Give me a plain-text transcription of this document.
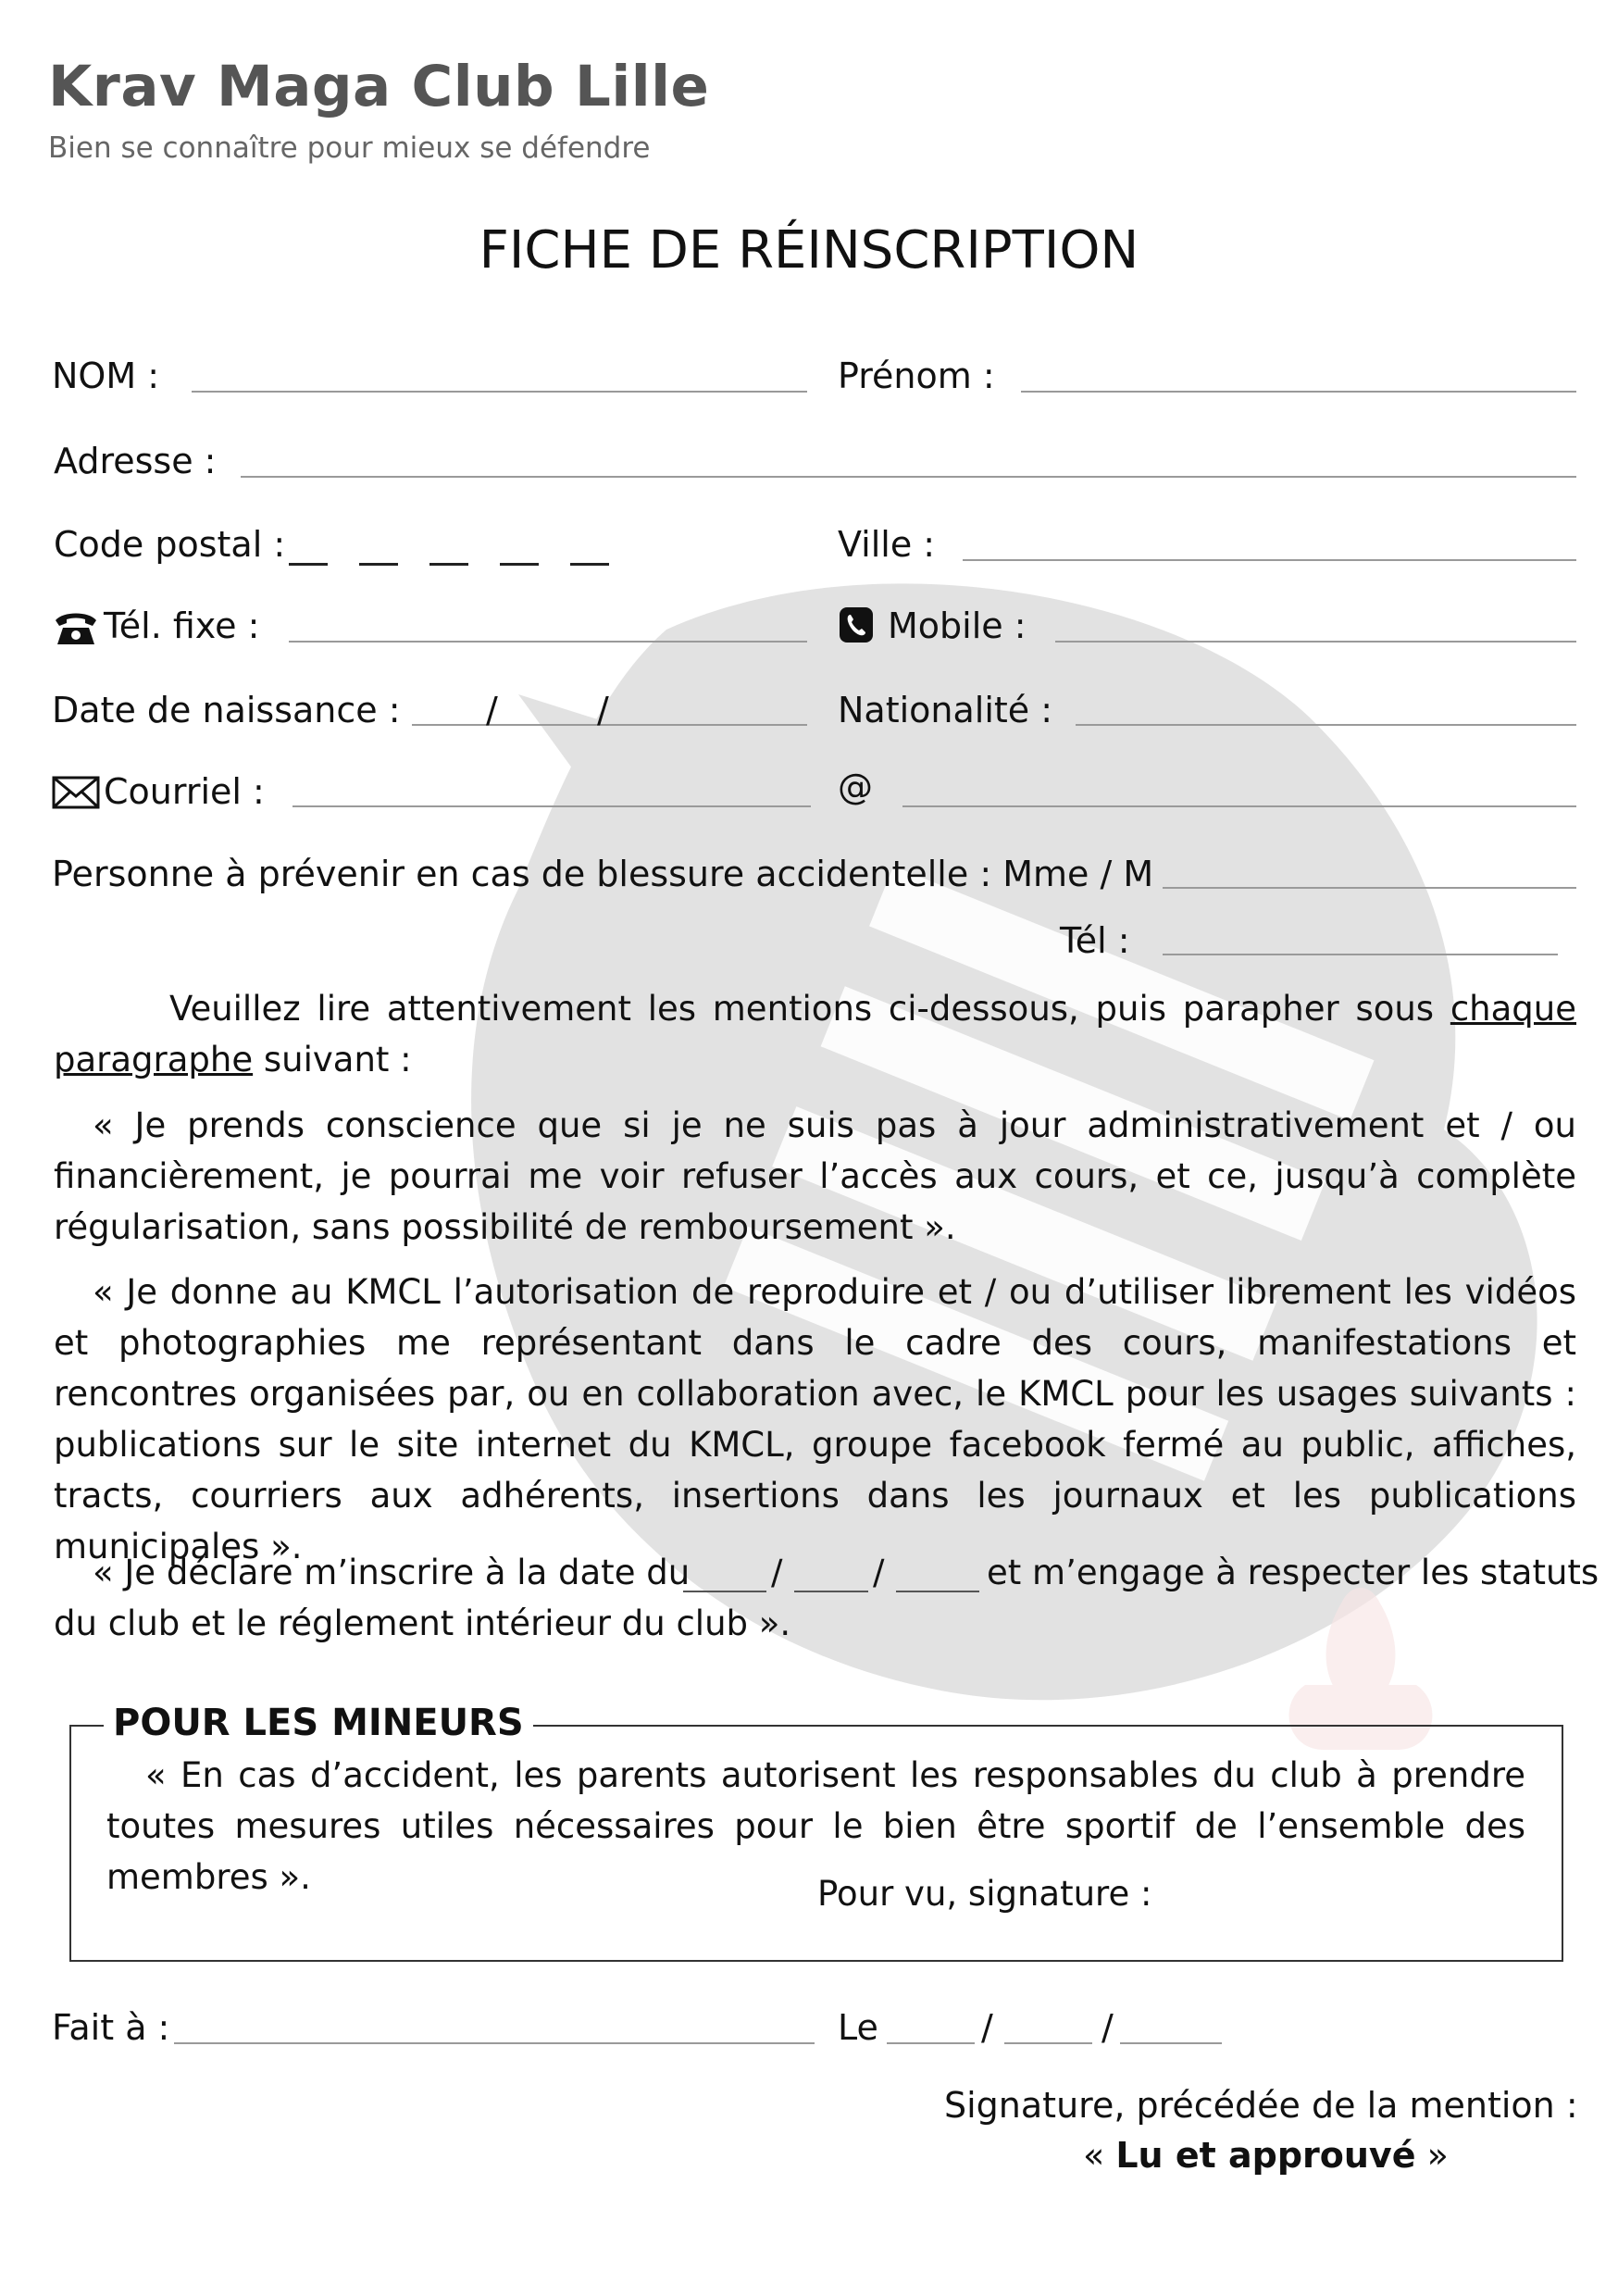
Krav Maga Club Lille
Bien se connaître pour mieux se défendre
FICHE DE RÉINSCRIPTION
NOM :	Prénom :
Adresse :
Code postal :	Ville :
Tél. fixe :	Mobile :
Date de naissance : /	/	Nationalité :
Courriel :	@
Personne à prévenir en cas de blessure accidentelle : Mme / M
Tél :
Veuillez lire attentivement les mentions ci-dessous, puis parapher sous chaque paragraphe suivant :
« Je prends conscience que si je ne suis pas à jour administrativement et / ou financièrement, je pourrai me voir refuser l’accès aux cours, et ce, jusqu’à complète régularisation, sans possibilité de remboursement ».
« Je donne au KMCL l’autorisation de reproduire et / ou d’utiliser librement les vidéos et photographies me représentant dans le cadre des cours, manifestations et rencontres organisées par, ou en collaboration avec, le KMCL pour les usages suivants : publications sur le site internet du KMCL, groupe facebook fermé au public, affiches, tracts, courriers aux adhérents, insertions dans les journaux et les publications municipales ».
« Je déclare m’inscrire à la date du /	/	et m’engage à respecter les statuts
du club et le réglement intérieur du club ».
POUR LES MINEURS
« En cas d’accident, les parents autorisent les responsables du club à prendre toutes mesures utiles nécessaires pour le bien être sportif de l’ensemble des membres ».	Pour vu, signature :
Fait à :	Le	/	/
Signature, précédée de la mention :
« Lu et approuvé »
